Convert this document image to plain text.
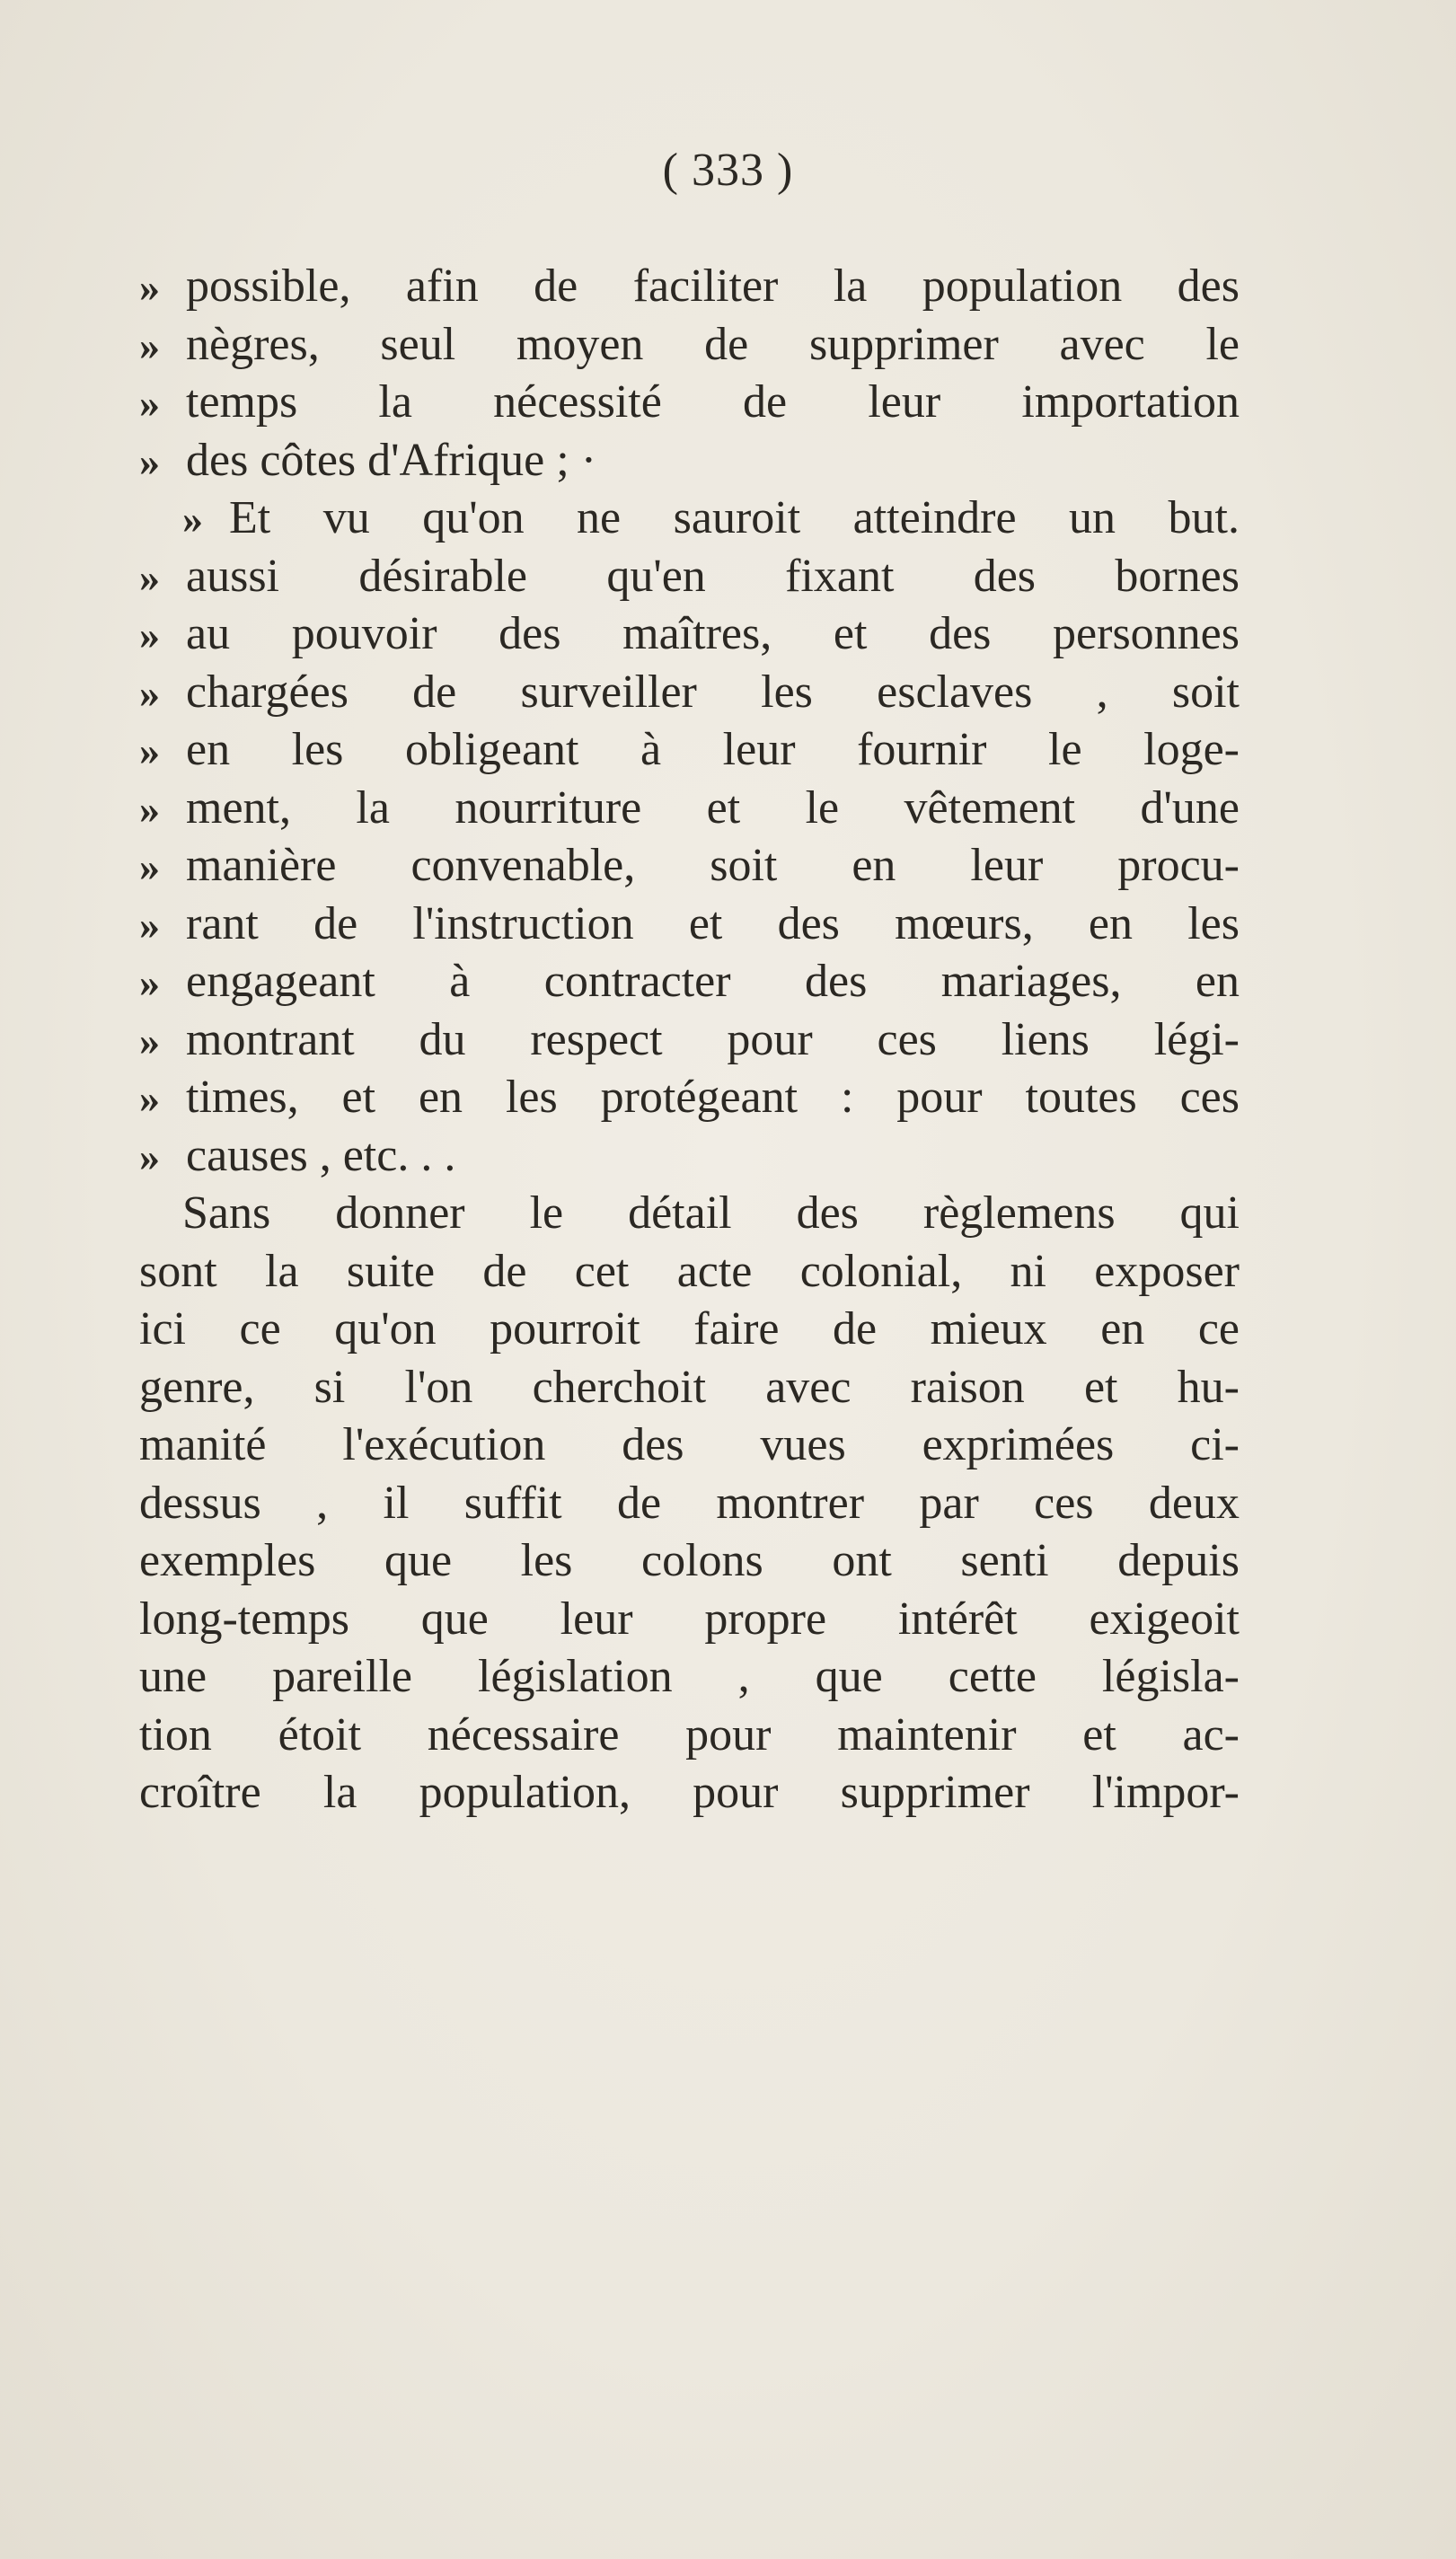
( 333 )
» possible, afin de faciliter la population des
» nègres, seul moyen de supprimer avec le
» temps la nécessité de leur importation
» des côtes d'Afrique ; ·
» Et vu qu'on ne sauroit atteindre un but.
» aussi désirable qu'en fixant des bornes
» au pouvoir des maîtres, et des personnes
» chargées de surveiller les esclaves , soit
» en les obligeant à leur fournir le loge-
» ment, la nourriture et le vêtement d'une
» manière convenable, soit en leur procu-
» rant de l'instruction et des mœurs, en les
» engageant à contracter des mariages, en
» montrant du respect pour ces liens légi-
» times, et en les protégeant : pour toutes ces
» causes , etc. . .
Sans donner le détail des règlemens qui
sont la suite de cet acte colonial, ni exposer
ici ce qu'on pourroit faire de mieux en ce
genre, si l'on cherchoit avec raison et hu-
manité l'exécution des vues exprimées ci-
dessus , il suffit de montrer par ces deux
exemples que les colons ont senti depuis
long-temps que leur propre intérêt exigeoit
une pareille législation , que cette législa-
tion étoit nécessaire pour maintenir et ac-
croître la population, pour supprimer l'impor-
